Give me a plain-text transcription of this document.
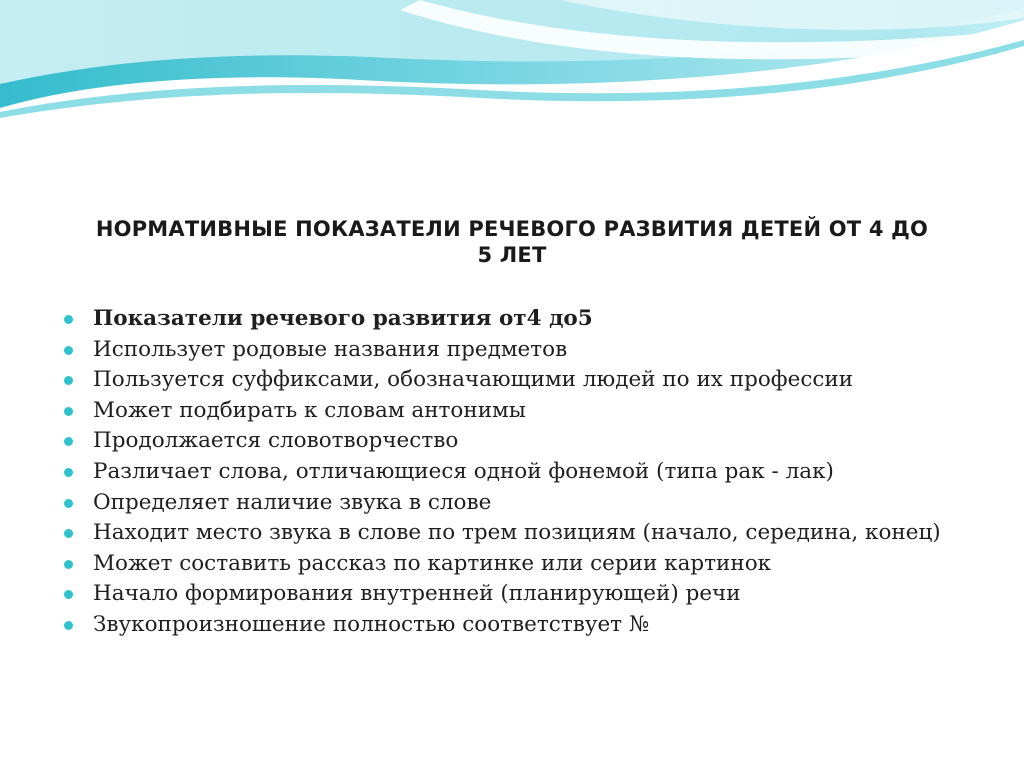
НОРМАТИВНЫЕ ПОКАЗАТЕЛИ РЕЧЕВОГО РАЗВИТИЯ ДЕТЕЙ ОТ 4 ДО
5 ЛЕТ
Показатели речевого развития от4 до5
Использует родовые названия предметов
Пользуется суффиксами, обозначающими людей по их профессии
Может подбирать к словам антонимы
Продолжается словотворчество
Различает слова, отличающиеся одной фонемой (типа рак - лак)
Определяет наличие звука в слове
Находит место звука в слове по трем позициям (начало, середина, конец)
Может составить рассказ по картинке или серии картинок
Начало формирования внутренней (планирующей) речи
Звукопроизношение полностью соответствует №
